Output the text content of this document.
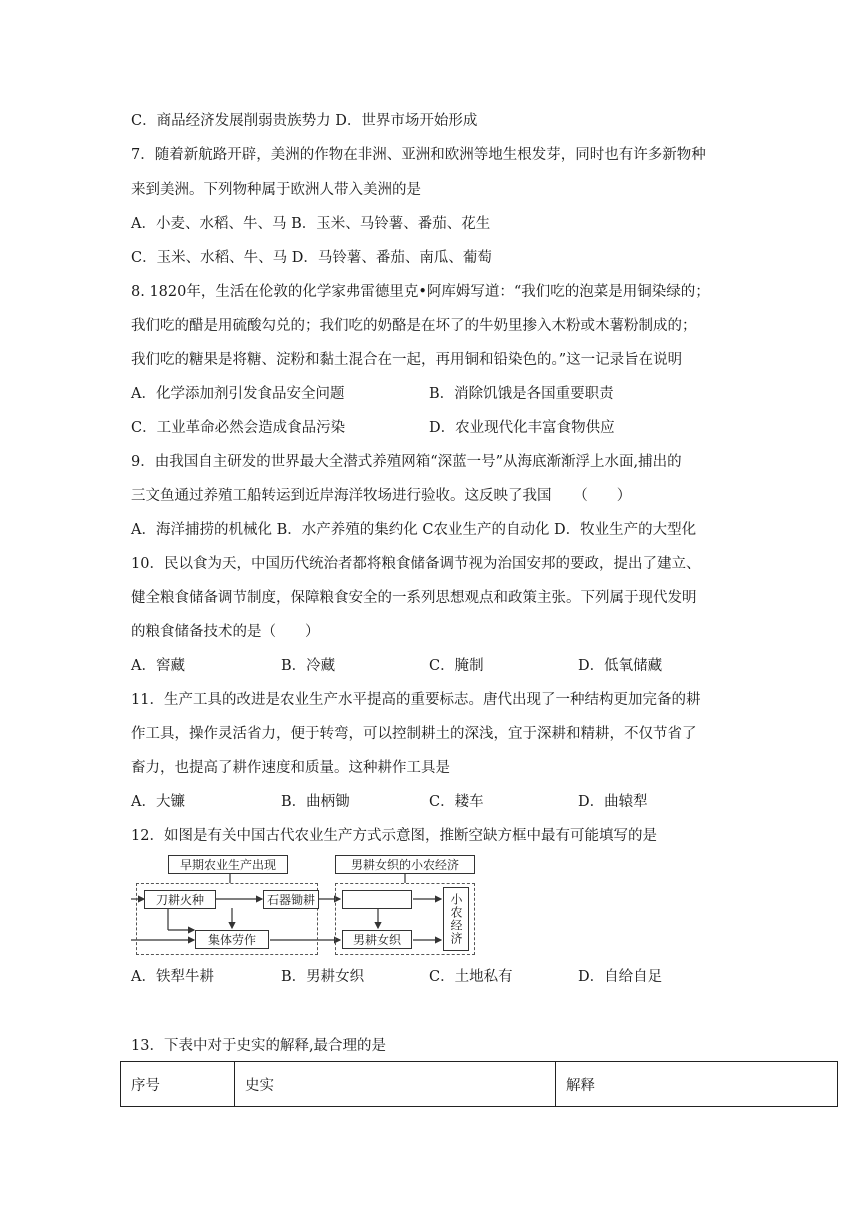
C．商品经济发展削弱贵族势力 D．世界市场开始形成
7．随着新航路开辟，美洲的作物在非洲、亚洲和欧洲等地生根发芽，同时也有许多新物种
来到美洲。下列物种属于欧洲人带入美洲的是
A．小麦、水稻、牛、马 B．玉米、马铃薯、番茄、花生
C．玉米、水稻、牛、马 D．马铃薯、番茄、南瓜、葡萄
8. 1820年，生活在伦敦的化学家弗雷德里克•阿库姆写道：“我们吃的泡菜是用铜染绿的；
我们吃的醋是用硫酸勾兑的；我们吃的奶酪是在坏了的牛奶里掺入木粉或木薯粉制成的；
我们吃的糖果是将糖、淀粉和黏土混合在一起，再用铜和铅染色的。”这一记录旨在说明
A．化学添加剂引发食品安全问题	B．消除饥饿是各国重要职责
C．工业革命必然会造成食品污染	D．农业现代化丰富食物供应
9．由我国自主研发的世界最大全潜式养殖网箱“深蓝一号”从海底渐渐浮上水面,捕出的
三文鱼通过养殖工船转运到近岸海洋牧场进行验收。这反映了我国　　（　　）
A．海洋捕捞的机械化 B．水产养殖的集约化 C农业生产的自动化 D．牧业生产的大型化
10．民以食为天，中国历代统治者都将粮食储备调节视为治国安邦的要政，提出了建立、
健全粮食储备调节制度，保障粮食安全的一系列思想观点和政策主张。下列属于现代发明
的粮食储备技术的是（　　）
A．窖藏	B．冷藏	C．腌制	D．低氧储藏
11．生产工具的改进是农业生产水平提高的重要标志。唐代出现了一种结构更加完备的耕
作工具，操作灵活省力，便于转弯，可以控制耕土的深浅，宜于深耕和精耕，不仅节省了
畜力，也提高了耕作速度和质量。这种耕作工具是
A．大镰	B．曲柄锄	C．耧车	D．曲辕犁
12．如图是有关中国古代农业生产方式示意图，推断空缺方框中最有可能填写的是
早期农业生产出现
刀耕火种	石器锄耕
集体劳作
男耕女织的小农经济
男耕女织	小农经济
A．铁犁牛耕	B．男耕女织	C．土地私有	D．自给自足
13．下表中对于史实的解释,最合理的是
序号	史实	解释
